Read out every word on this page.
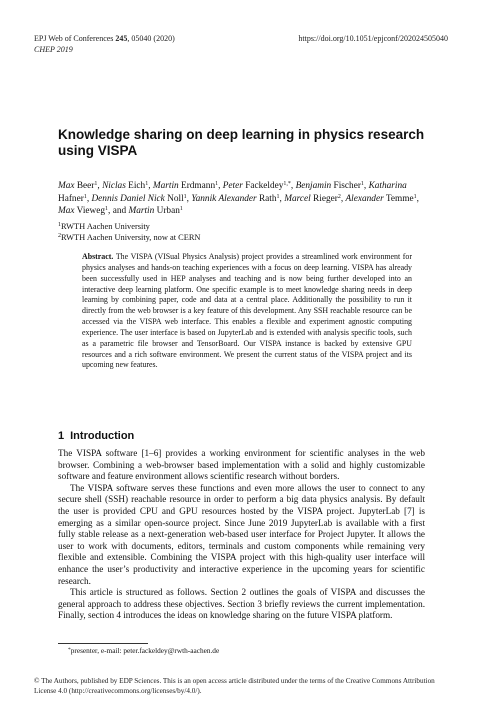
EPJ Web of Conferences 245, 05040 (2020)
CHEP 2019
https://doi.org/10.1051/epjconf/202024505040
Knowledge sharing on deep learning in physics research using VISPA
Max Beer$^1$, Niclas Eich$^1$, Martin Erdmann$^1$, Peter Fackeldey$^{1,*}$, Benjamin Fischer$^1$, Katharina Hafner$^1$, Dennis Daniel Nick Noll$^1$, Yannik Alexander Rath$^1$, Marcel Rieger$^2$, Alexander Temme$^1$, Max Vieweg$^1$, and Martin Urban$^1$
$^1$RWTH Aachen University
$^2$RWTH Aachen University, now at CERN
Abstract. The VISPA (VISual Physics Analysis) project provides a streamlined work environment for physics analyses and hands-on teaching experiences with a focus on deep learning. VISPA has already been successfully used in HEP analyses and teaching and is now being further developed into an interactive deep learning platform. One specific example is to meet knowledge sharing needs in deep learning by combining paper, code and data at a central place. Additionally the possibility to run it directly from the web browser is a key feature of this development. Any SSH reachable resource can be accessed via the VISPA web interface. This enables a flexible and experiment agnostic computing experience. The user interface is based on JupyterLab and is extended with analysis specific tools, such as a parametric file browser and TensorBoard. Our VISPA instance is backed by extensive GPU resources and a rich software environment. We present the current status of the VISPA project and its upcoming new features.
1 Introduction

The VISPA software [1–6] provides a working environment for scientific analyses in the web browser. Combining a web-browser based implementation with a solid and highly customizable software and feature environment allows scientific research without borders.

The VISPA software serves these functions and even more allows the user to connect to any secure shell (SSH) reachable resource in order to perform a big data physics analysis. By default the user is provided CPU and GPU resources hosted by the VISPA project. JupyterLab [7] is emerging as a similar open-source project. Since June 2019 JupyterLab is available with a first fully stable release as a next-generation web-based user interface for Project Jupyter. It allows the user to work with documents, editors, terminals and custom components while remaining very flexible and extensible. Combining the VISPA project with this high-quality user interface will enhance the user’s productivity and interactive experience in the upcoming years for scientific research.

This article is structured as follows. Section 2 outlines the goals of VISPA and discusses the general approach to address these objectives. Section 3 briefly reviews the current implementation. Finally, section 4 introduces the ideas on knowledge sharing on the future VISPA platform.

*presenter, e-mail: peter.fackeldey@rwth-aachen.de
© The Authors, published by EDP Sciences. This is an open access article distributed under the terms of the Creative Commons Attribution License 4.0 (http://creativecommons.org/licenses/by/4.0/).
